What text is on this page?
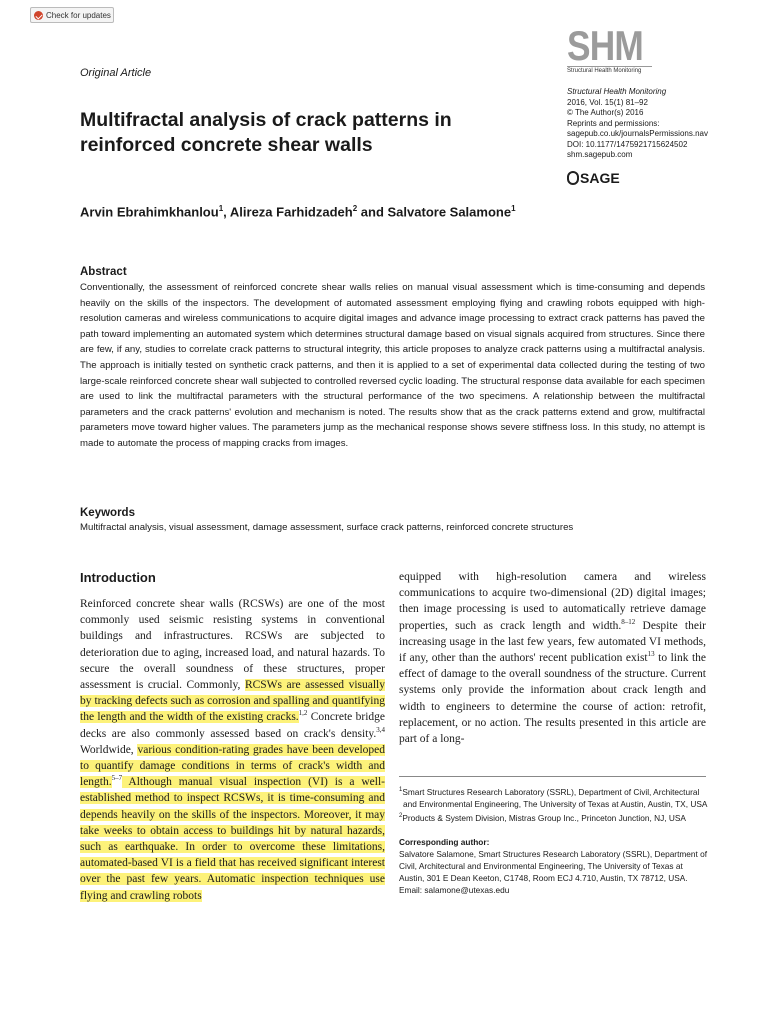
Check for updates
Original Article
SHM
Structural Health Monitoring
Structural Health Monitoring
2016, Vol. 15(1) 81–92
© The Author(s) 2016
Reprints and permissions:
sagepub.co.uk/journalsPermissions.nav
DOI: 10.1177/1475921715624502
shm.sagepub.com
SAGE
Multifractal analysis of crack patterns in reinforced concrete shear walls
Arvin Ebrahimkhanlou$^1$, Alireza Farhidzadeh$^2$ and Salvatore Salamone$^1$
Abstract
Conventionally, the assessment of reinforced concrete shear walls relies on manual visual assessment which is time-consuming and depends heavily on the skills of the inspectors. The development of automated assessment employing flying and crawling robots equipped with high-resolution cameras and wireless communications to acquire digital images and advance image processing to extract crack patterns has paved the path toward implementing an automated system which determines structural damage based on visual signals acquired from structures. Since there are few, if any, studies to correlate crack patterns to structural integrity, this article proposes to analyze crack patterns using a multifractal analysis. The approach is initially tested on synthetic crack patterns, and then it is applied to a set of experimental data collected during the testing of two large-scale reinforced concrete shear wall subjected to controlled reversed cyclic loading. The structural response data available for each specimen are used to link the multifractal parameters with the structural performance of the two specimens. A relationship between the multifractal parameters and the crack patterns' evolution and mechanism is noted. The results show that as the crack patterns extend and grow, multifractal parameters move toward higher values. The parameters jump as the mechanical response shows severe stiffness loss. In this study, no attempt is made to automate the process of mapping cracks from images.
Keywords
Multifractal analysis, visual assessment, damage assessment, surface crack patterns, reinforced concrete structures
Introduction

Reinforced concrete shear walls (RCSWs) are one of the most commonly used seismic resisting systems in conventional buildings and infrastructures. RCSWs are subjected to deterioration due to aging, increased load, and natural hazards. To secure the overall soundness of these structures, proper assessment is crucial. Commonly, RCSWs are assessed visually by tracking defects such as corrosion and spalling and quantifying the length and the width of the existing cracks.$^{1,2}$ Concrete bridge decks are also commonly assessed based on crack's density.$^{3,4}$ Worldwide, various condition-rating grades have been developed to quantify damage conditions in terms of crack's width and length.$^{5-7}$ Although manual visual inspection (VI) is a well-established method to inspect RCSWs, it is time-consuming and depends heavily on the skills of the inspectors. Moreover, it may take weeks to obtain access to buildings hit by natural hazards, such as earthquake. In order to overcome these limitations, automated-based VI is a field that has received significant interest over the past few years. Automatic inspection techniques use flying and crawling robots

equipped with high-resolution camera and wireless communications to acquire two-dimensional (2D) digital images; then image processing is used to automatically retrieve damage properties, such as crack length and width.$^{8-12}$ Despite their increasing usage in the last few years, few automated VI methods, if any, other than the authors' recent publication exist$^{13}$ to link the effect of damage to the overall soundness of the structure. Current systems only provide the information about crack length and width to engineers to determine the course of action: retrofit, replacement, or no action. The results presented in this article are part of a long-

$^1$Smart Structures Research Laboratory (SSRL), Department of Civil, Architectural and Environmental Engineering, The University of Texas at Austin, Austin, TX, USA
$^2$Products & System Division, Mistras Group Inc., Princeton Junction, NJ, USA
Corresponding author:
Salvatore Salamone, Smart Structures Research Laboratory (SSRL), Department of Civil, Architectural and Environmental Engineering, The University of Texas at Austin, 301 E Dean Keeton, C1748, Room ECJ 4.710, Austin, TX 78712, USA.
Email: salamone@utexas.edu
